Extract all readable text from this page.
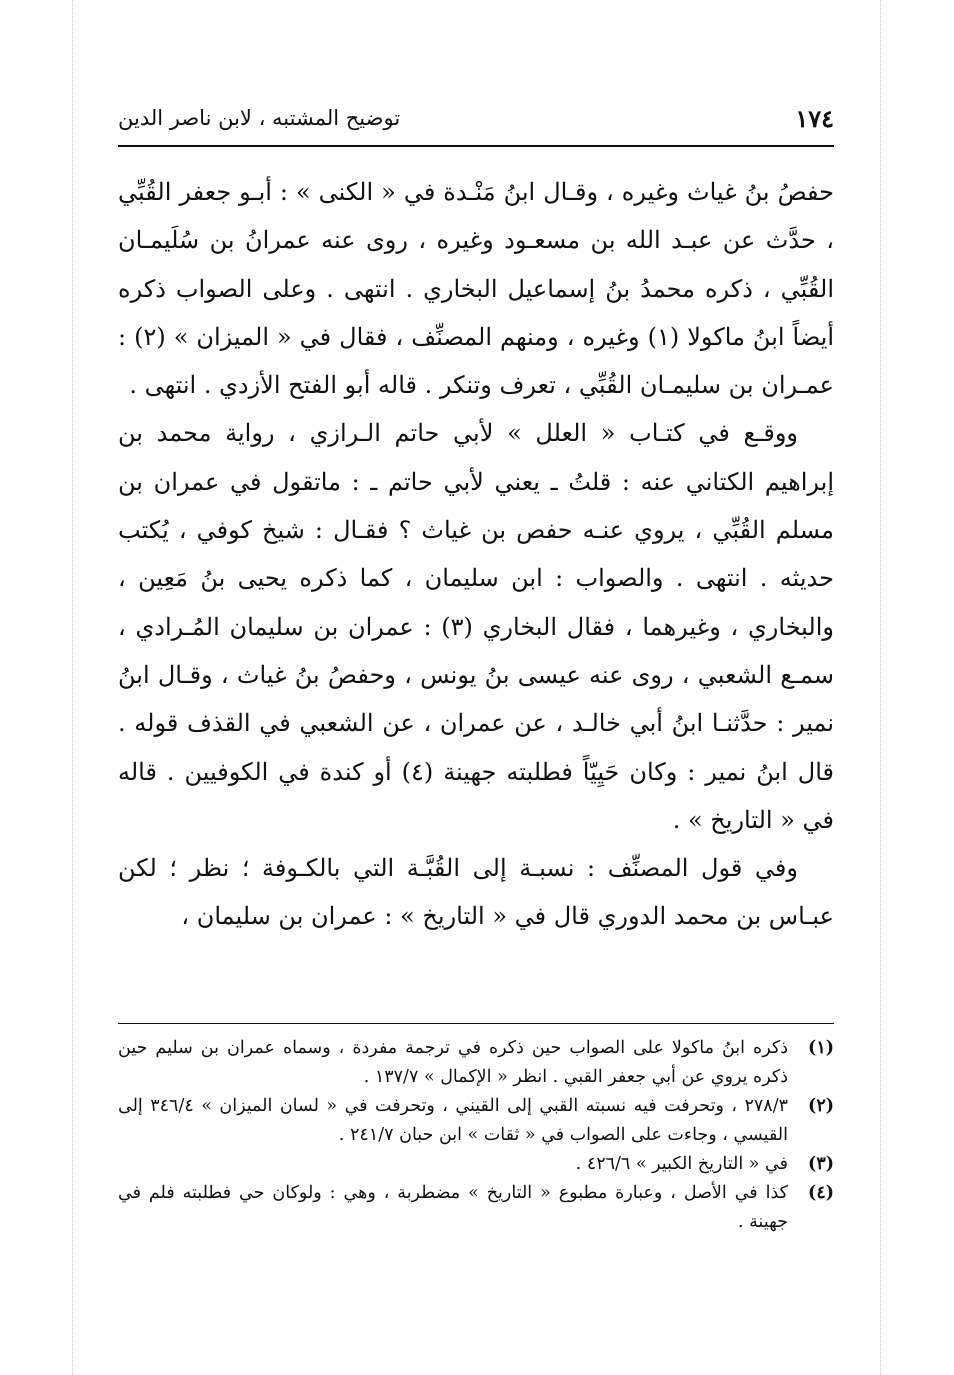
١٧٤
توضيح المشتبه ، لابن ناصر الدين

حفصُ بنُ غياث وغيره ، وقـال ابنُ مَنْـدة في « الكنى » : أبـو جعفر القُبِّي ، حدَّث عن عبـد الله بن مسعـود وغيره ، روى عنه عمرانُ بن سُلَيمـان القُبِّي ، ذكره محمدُ بنُ إسماعيل البخاري . انتهى . وعلى الصواب ذكره أيضاً ابنُ ماكولا (١) وغيره ، ومنهم المصنِّف ، فقال في « الميزان » (٢) : عمـران بن سليمـان القُبِّي ، تعرف وتنكر . قاله أبو الفتح الأزدي . انتهى .

ووقـع في كتـاب « العلل » لأبي حاتم الـرازي ، رواية محمد بن إبراهيم الكتاني عنه : قلتُ ـ يعني لأبي حاتم ـ : ماتقول في عمران بن مسلم القُبِّي ، يروي عنـه حفص بن غياث ؟ فقـال : شيخ كوفي ، يُكتب حديثه . انتهى . والصواب : ابن سليمان ، كما ذكره يحيى بنُ مَعِين ، والبخاري ، وغيرهما ، فقال البخاري (٣) : عمران بن سليمان المُـرادي ، سمـع الشعبي ، روى عنه عيسى بنُ يونس ، وحفصُ بنُ غياث ، وقـال ابنُ نمير : حدَّثنـا ابنُ أبي خالـد ، عن عمران ، عن الشعبي في القذف قوله . قال ابنُ نمير : وكان حَيِيّاً فطلبته جهينة (٤) أو كندة في الكوفيين . قاله في « التاريخ » .

وفي قول المصنِّف : نسبـة إلى القُبَّـة التي بالكـوفة ؛ نظر ؛ لكن عبـاس بن محمد الدوري قال في « التاريخ » : عمران بن سليمان ،

(١)
ذكره ابنُ ماكولا على الصواب حين ذكره في ترجمة مفردة ، وسماه عمران بن سليم حين ذكره يروي عن أبي جعفر القبي . انظر « الإكمال » ١٣٧/٧ .
(٢)
٢٧٨/٣ ، وتحرفت فيه نسبته القبي إلى القيني ، وتحرفت في « لسان الميزان » ٣٤٦/٤ إلى القيسي ، وجاءت على الصواب في « ثقات » ابن حبان ٢٤١/٧ .
(٣)
في « التاريخ الكبير » ٤٢٦/٦ .
(٤)
كذا في الأصل ، وعبارة مطبوع « التاريخ » مضطربة ، وهي : ولوكان حي فطلبته فلم في جهينة .
